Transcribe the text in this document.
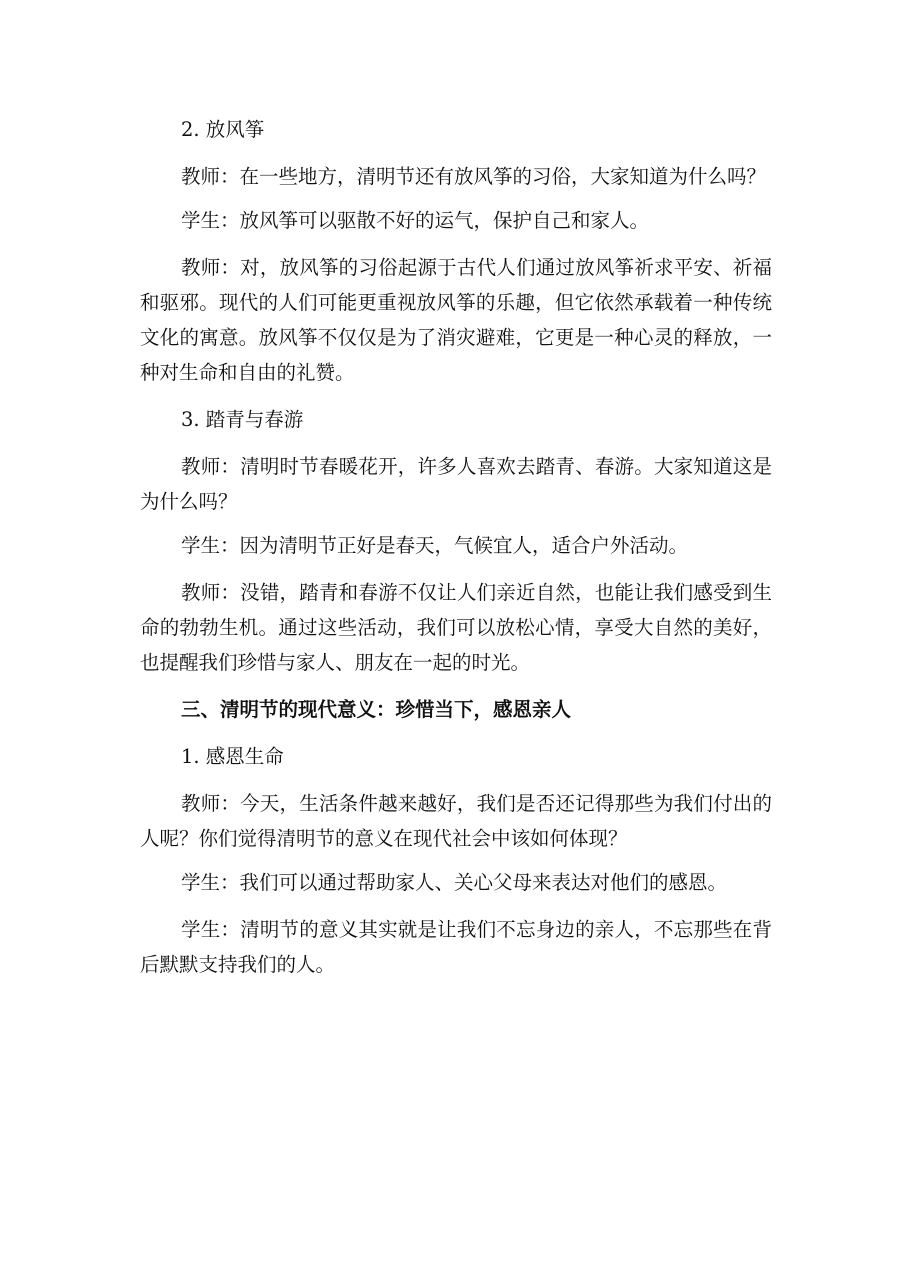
2. 放风筝

教师：在一些地方，清明节还有放风筝的习俗，大家知道为什么吗？

学生：放风筝可以驱散不好的运气，保护自己和家人。

教师：对，放风筝的习俗起源于古代人们通过放风筝祈求平安、祈福和驱邪。现代的人们可能更重视放风筝的乐趣，但它依然承载着一种传统文化的寓意。放风筝不仅仅是为了消灾避难，它更是一种心灵的释放，一种对生命和自由的礼赞。

3. 踏青与春游

教师：清明时节春暖花开，许多人喜欢去踏青、春游。大家知道这是为什么吗？

学生：因为清明节正好是春天，气候宜人，适合户外活动。

教师：没错，踏青和春游不仅让人们亲近自然，也能让我们感受到生命的勃勃生机。通过这些活动，我们可以放松心情，享受大自然的美好，也提醒我们珍惜与家人、朋友在一起的时光。

三、清明节的现代意义：珍惜当下，感恩亲人
1. 感恩生命

教师：今天，生活条件越来越好，我们是否还记得那些为我们付出的人呢？你们觉得清明节的意义在现代社会中该如何体现？

学生：我们可以通过帮助家人、关心父母来表达对他们的感恩。

学生：清明节的意义其实就是让我们不忘身边的亲人，不忘那些在背后默默支持我们的人。
